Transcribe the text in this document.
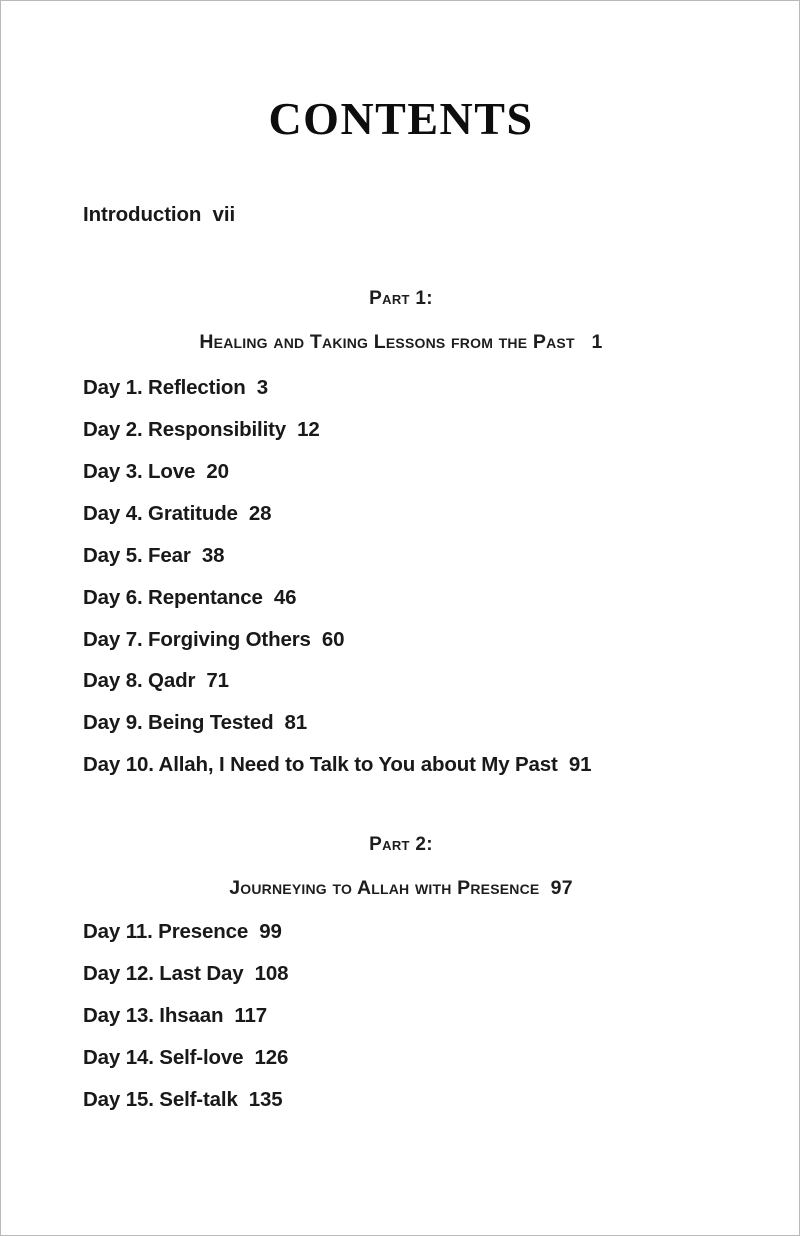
CONTENTS
Introduction  vii
Part 1:
Healing and Taking Lessons from the Past   1
Day 1. Reflection  3
Day 2. Responsibility  12
Day 3. Love  20
Day 4. Gratitude  28
Day 5. Fear  38
Day 6. Repentance  46
Day 7. Forgiving Others  60
Day 8. Qadr  71
Day 9. Being Tested  81
Day 10. Allah, I Need to Talk to You about My Past  91
Part 2:
Journeying to Allah with Presence  97
Day 11. Presence  99
Day 12. Last Day  108
Day 13. Ihsaan  117
Day 14. Self-love  126
Day 15. Self-talk  135
